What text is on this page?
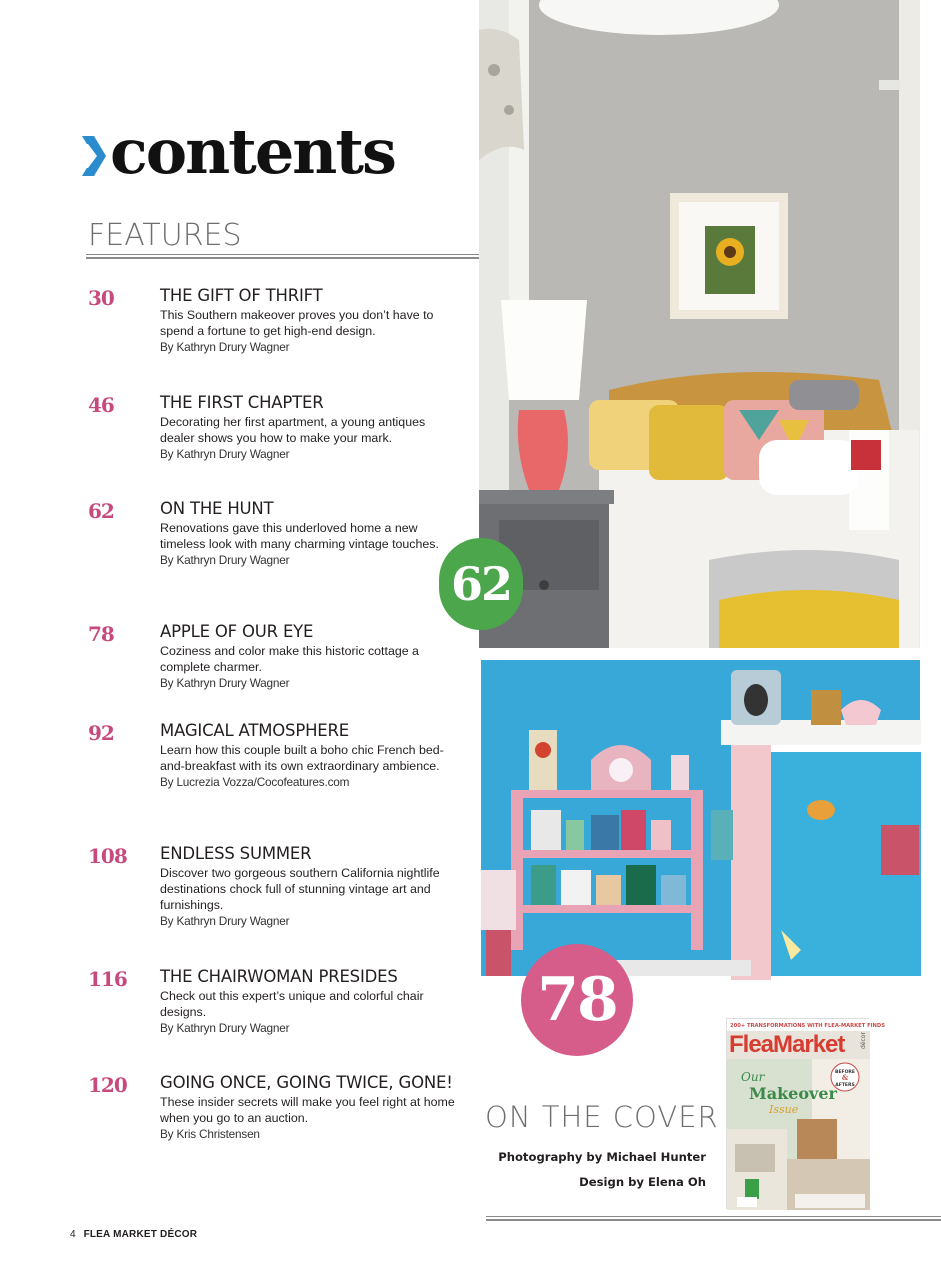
contents
FEATURES
30	THE GIFT OF THRIFT
This Southern makeover proves you don’t have to spend a fortune to get high-end design.
By Kathryn Drury Wagner
46	THE FIRST CHAPTER
Decorating her first apartment, a young antiques dealer shows you how to make your mark.
By Kathryn Drury Wagner
62	ON THE HUNT
Renovations gave this underloved home a new timeless look with many charming vintage touches.
By Kathryn Drury Wagner
78	APPLE OF OUR EYE
Coziness and color make this historic cottage a complete charmer.
By Kathryn Drury Wagner
92	MAGICAL ATMOSPHERE
Learn how this couple built a boho chic French bed-and-breakfast with its own extraordinary ambience.
By Lucrezia Vozza/Cocofeatures.com
108 ENDLESS SUMMER
Discover two gorgeous southern California nightlife destinations chock full of stunning vintage art and furnishings.
By Kathryn Drury Wagner
116 THE CHAIRWOMAN PRESIDES
Check out this expert’s unique and colorful chair designs.
By Kathryn Drury Wagner
120 GOING ONCE, GOING TWICE, GONE!
These insider secrets will make you feel right at home when you go to an auction.
By Kris Christensen
62
78
ON THE COVER
Photography by Michael Hunter
Design by Elena Oh
200+ TRANSFORMATIONS WITH FLEA-MARKET FINDS
FleaMarket	décor
BEFORE
&
AFTERS
Our
Makeover
Issue
4 FLEA MARKET DÉCOR
